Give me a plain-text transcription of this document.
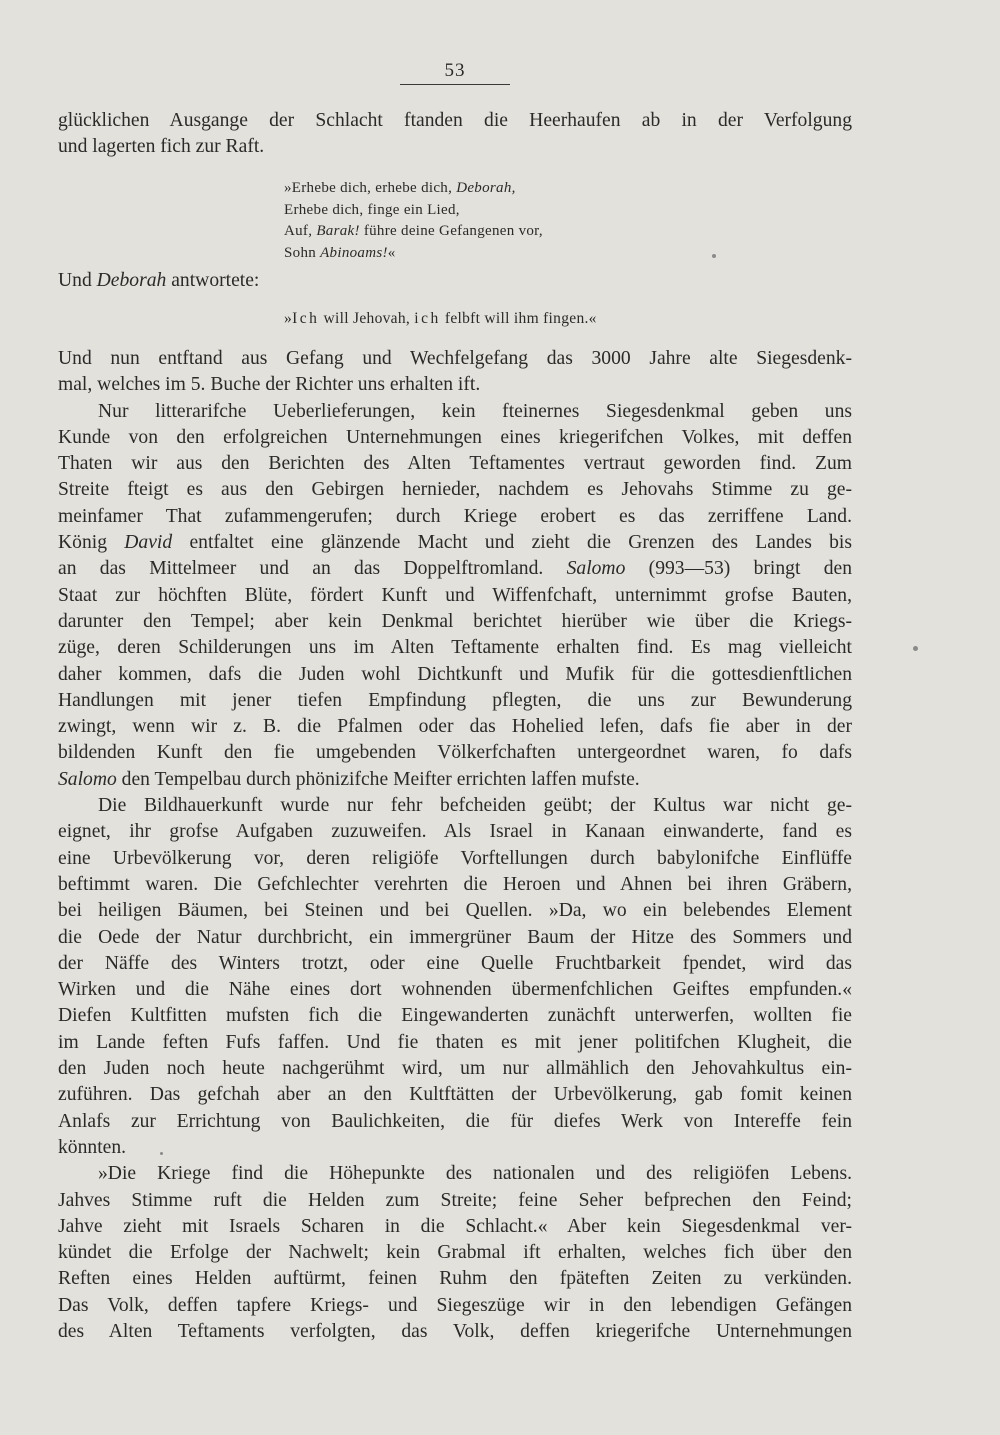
53
glücklichen Ausgange der Schlacht ftanden die Heerhaufen ab in der Verfolgung
und lagerten fich zur Raft.
»Erhebe dich, erhebe dich, Deborah,
Erhebe dich, finge ein Lied,
Auf, Barak! führe deine Gefangenen vor,
Sohn Abinoams!«
Und Deborah antwortete:
»Ich will Jehovah, ich felbft will ihm fingen.«
Und nun entftand aus Gefang und Wechfelgefang das 3000 Jahre alte Siegesdenk-
mal, welches im 5. Buche der Richter uns erhalten ift.
Nur litterarifche Ueberlieferungen, kein fteinernes Siegesdenkmal geben uns
Kunde von den erfolgreichen Unternehmungen eines kriegerifchen Volkes, mit deffen
Thaten wir aus den Berichten des Alten Teftamentes vertraut geworden find. Zum
Streite fteigt es aus den Gebirgen hernieder, nachdem es Jehovahs Stimme zu ge-
meinfamer That zufammengerufen; durch Kriege erobert es das zerriffene Land.
König David entfaltet eine glänzende Macht und zieht die Grenzen des Landes bis
an das Mittelmeer und an das Doppelftromland. Salomo (993—53) bringt den
Staat zur höchften Blüte, fördert Kunft und Wiffenfchaft, unternimmt grofse Bauten,
darunter den Tempel; aber kein Denkmal berichtet hierüber wie über die Kriegs-
züge, deren Schilderungen uns im Alten Teftamente erhalten find. Es mag vielleicht
daher kommen, dafs die Juden wohl Dichtkunft und Mufik für die gottesdienftlichen
Handlungen mit jener tiefen Empfindung pflegten, die uns zur Bewunderung
zwingt, wenn wir z. B. die Pfalmen oder das Hohelied lefen, dafs fie aber in der
bildenden Kunft den fie umgebenden Völkerfchaften untergeordnet waren, fo dafs
Salomo den Tempelbau durch phönizifche Meifter errichten laffen mufste.
Die Bildhauerkunft wurde nur fehr befcheiden geübt; der Kultus war nicht ge-
eignet, ihr grofse Aufgaben zuzuweifen. Als Israel in Kanaan einwanderte, fand es
eine Urbevölkerung vor, deren religiöfe Vorftellungen durch babylonifche Einflüffe
beftimmt waren. Die Gefchlechter verehrten die Heroen und Ahnen bei ihren Gräbern,
bei heiligen Bäumen, bei Steinen und bei Quellen. »Da, wo ein belebendes Element
die Oede der Natur durchbricht, ein immergrüner Baum der Hitze des Sommers und
der Näffe des Winters trotzt, oder eine Quelle Fruchtbarkeit fpendet, wird das
Wirken und die Nähe eines dort wohnenden übermenfchlichen Geiftes empfunden.«
Diefen Kultfitten mufsten fich die Eingewanderten zunächft unterwerfen, wollten fie
im Lande feften Fufs faffen. Und fie thaten es mit jener politifchen Klugheit, die
den Juden noch heute nachgerühmt wird, um nur allmählich den Jehovahkultus ein-
zuführen. Das gefchah aber an den Kultftätten der Urbevölkerung, gab fomit keinen
Anlafs zur Errichtung von Baulichkeiten, die für diefes Werk von Intereffe fein
könnten.
»Die Kriege find die Höhepunkte des nationalen und des religiöfen Lebens.
Jahves Stimme ruft die Helden zum Streite; feine Seher befprechen den Feind;
Jahve zieht mit Israels Scharen in die Schlacht.« Aber kein Siegesdenkmal ver-
kündet die Erfolge der Nachwelt; kein Grabmal ift erhalten, welches fich über den
Reften eines Helden auftürmt, feinen Ruhm den fpäteften Zeiten zu verkünden.
Das Volk, deffen tapfere Kriegs- und Siegeszüge wir in den lebendigen Gefängen
des Alten Teftaments verfolgten, das Volk, deffen kriegerifche Unternehmungen
